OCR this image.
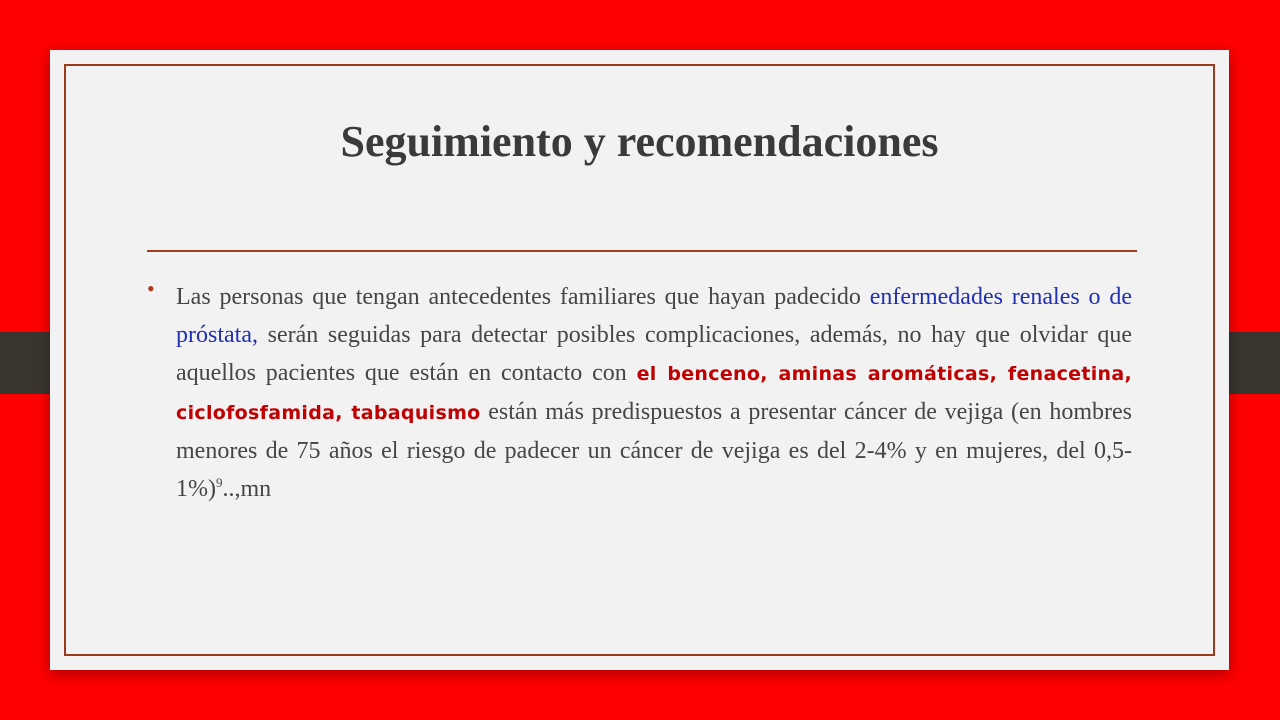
Seguimiento y recomendaciones
• Las personas que tengan antecedentes familiares que hayan padecido enfermedades renales o de próstata, serán seguidas para detectar posibles complicaciones, además, no hay que olvidar que aquellos pacientes que están en contacto con el benceno, aminas aromáticas, fenacetina, ciclofosfamida, tabaquismo están más predispuestos a presentar cáncer de vejiga (en hombres menores de 75 años el riesgo de padecer un cáncer de vejiga es del 2-4% y en mujeres, del 0,5-1%)$^9$..,mn
